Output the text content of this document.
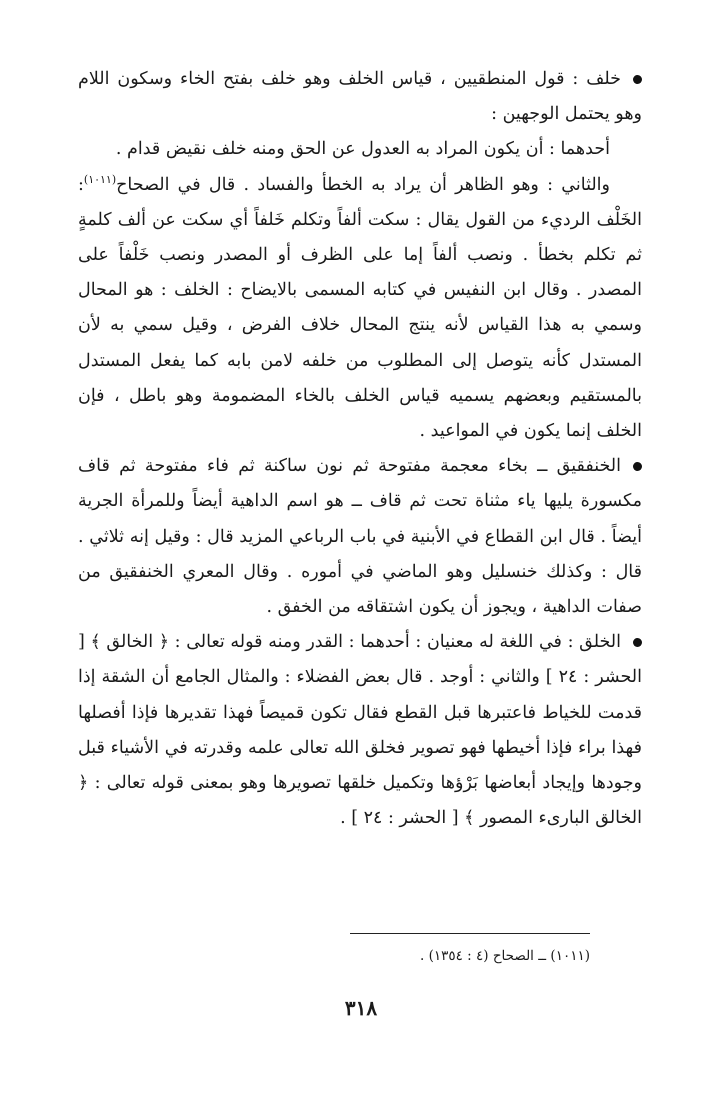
خلف : قول المنطقيين ، قياس الخلف وهو خلف بفتح الخاء وسكون اللام وهو يحتمل الوجهين :

أحدهما : أن يكون المراد به العدول عن الحق ومنه خلف نقيض قدام .

والثاني : وهو الظاهر أن يراد به الخطأ والفساد . قال في الصحاح$^{(١٠١١)}$: الخَلْف الرديء من القول يقال : سكت ألفاً وتكلم خَلفاً أي سكت عن ألف كلمةٍ ثم تكلم بخطأ . ونصب ألفاً إما على الظرف أو المصدر ونصب خَلْفاً على المصدر . وقال ابن النفيس في كتابه المسمى بالايضاح : الخلف : هو المحال وسمي به هذا القياس لأنه ينتج المحال خلاف الفرض ، وقيل سمي به لأن المستدل كأنه يتوصل إلى المطلوب من خلفه لامن بابه كما يفعل المستدل بالمستقيم وبعضهم يسميه قياس الخلف بالخاء المضمومة وهو باطل ، فإن الخلف إنما يكون في المواعيد .

الخنفقيق ــ بخاء معجمة مفتوحة ثم نون ساكنة ثم فاء مفتوحة ثم قاف مكسورة يليها ياء مثناة تحت ثم قاف ــ هو اسم الداهية أيضاً وللمرأة الجرية أيضاً . قال ابن القطاع في الأبنية في باب الرباعي المزيد قال : وقيل إنه ثلاثي . قال : وكذلك خنسليل وهو الماضي في أموره . وقال المعري الخنفقيق من صفات الداهية ، ويجوز أن يكون اشتقاقه من الخفق .

الخلق : في اللغة له معنيان : أحدهما : القدر ومنه قوله تعالى : ﴿ الخالق ﴾ [ الحشر : ٢٤ ] والثاني : أوجد . قال بعض الفضلاء : والمثال الجامع أن الشقة إذا قدمت للخياط فاعتبرها قبل القطع فقال تكون قميصاً فهذا تقديرها فإذا أفصلها فهذا براء فإذا أخيطها فهو تصوير فخلق الله تعالى علمه وقدرته في الأشياء قبل وجودها وإيجاد أبعاضها بَرْؤها وتكميل خلقها تصويرها وهو بمعنى قوله تعالى : ﴿ الخالق البارىء المصور ﴾ [ الحشر : ٢٤ ] .

(١٠١١) ــ الصحاح (٤ : ١٣٥٤) .
٣١٨
